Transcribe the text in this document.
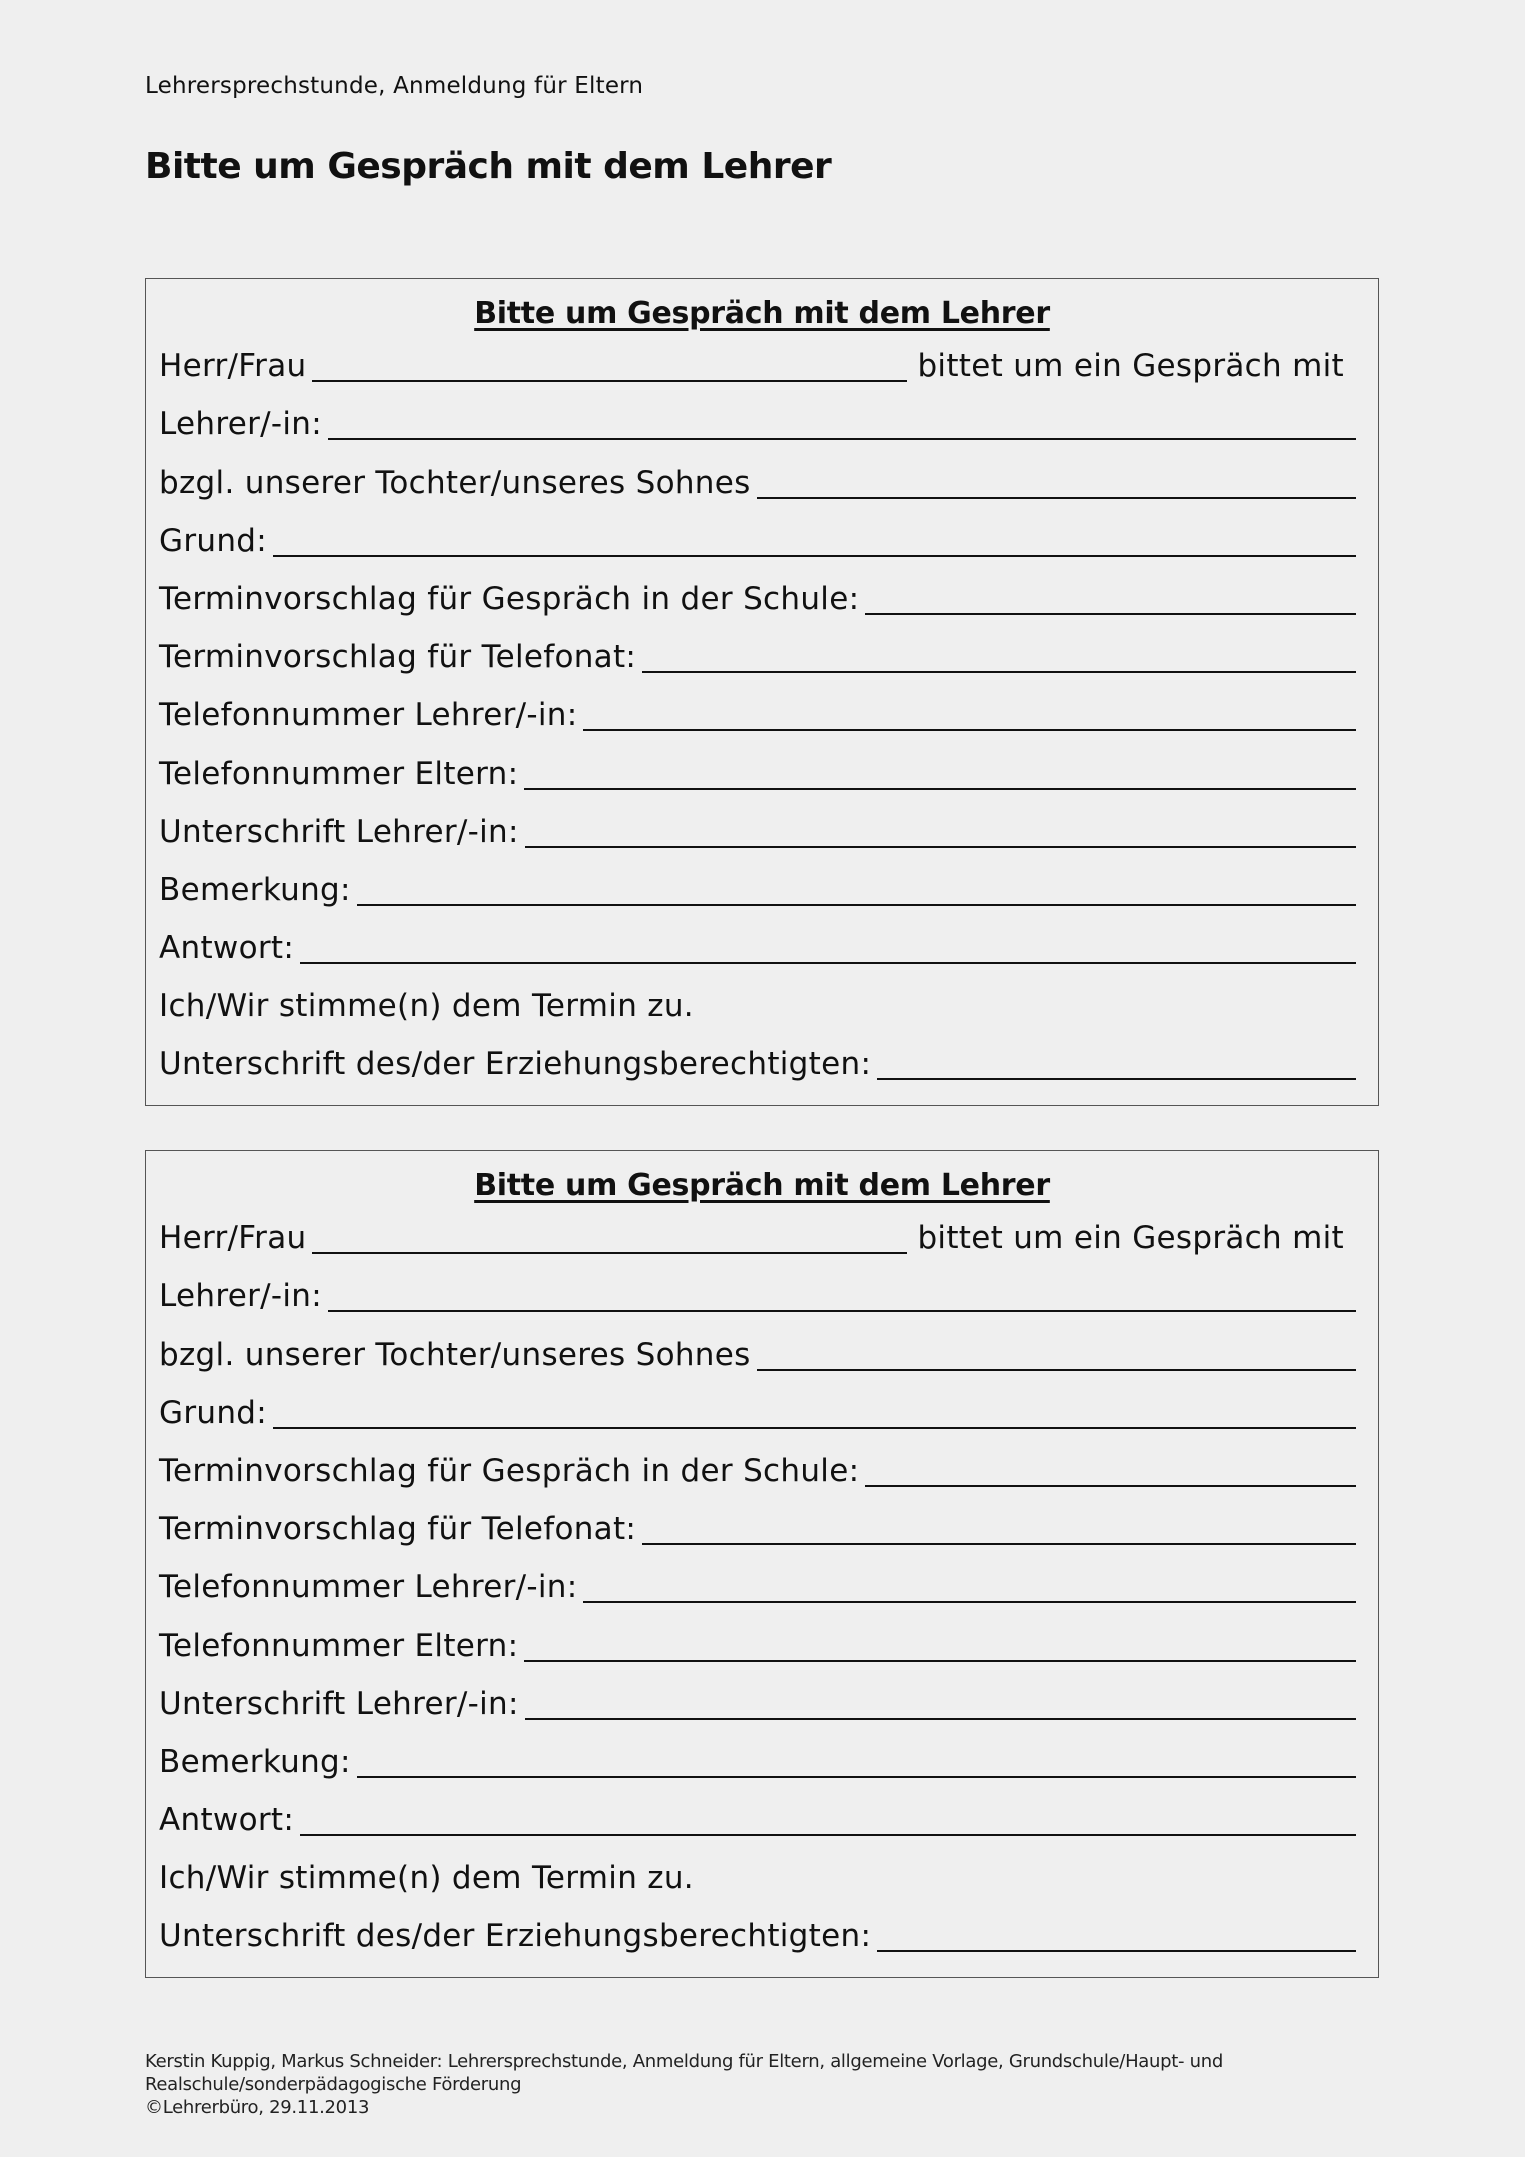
Lehrersprechstunde, Anmeldung für Eltern
Bitte um Gespräch mit dem Lehrer
Bitte um Gespräch mit dem Lehrer
Herr/Frau	bittet um ein Gespräch mit
Lehrer/-in:
bzgl. unserer Tochter/unseres Sohnes
Grund:
Terminvorschlag für Gespräch in der Schule:
Terminvorschlag für Telefonat:
Telefonnummer Lehrer/-in:
Telefonnummer Eltern:
Unterschrift Lehrer/-in:
Bemerkung:
Antwort:
Ich/Wir stimme(n) dem Termin zu.
Unterschrift des/der Erziehungsberechtigten:
Bitte um Gespräch mit dem Lehrer
Herr/Frau	bittet um ein Gespräch mit
Lehrer/-in:
bzgl. unserer Tochter/unseres Sohnes
Grund:
Terminvorschlag für Gespräch in der Schule:
Terminvorschlag für Telefonat:
Telefonnummer Lehrer/-in:
Telefonnummer Eltern:
Unterschrift Lehrer/-in:
Bemerkung:
Antwort:
Ich/Wir stimme(n) dem Termin zu.
Unterschrift des/der Erziehungsberechtigten:
Kerstin Kuppig, Markus Schneider: Lehrersprechstunde, Anmeldung für Eltern, allgemeine Vorlage, Grundschule/Haupt- und
Realschule/sonderpädagogische Förderung
©Lehrerbüro, 29.11.2013
